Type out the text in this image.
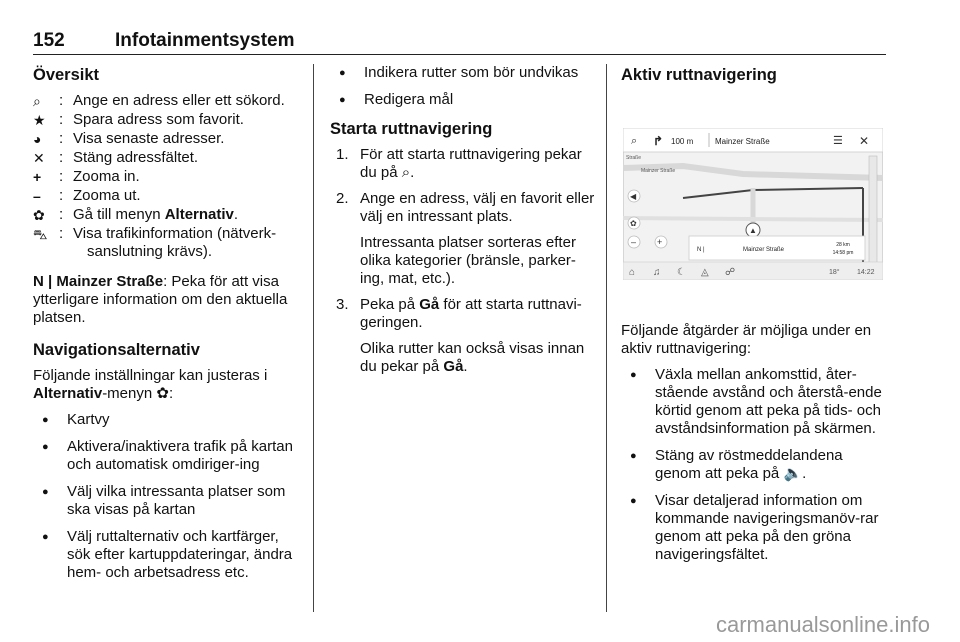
152	Infotainmentsystem
Översikt
⌕	: Ange en adress eller ett sökord.
★ : Spara adress som favorit.
◕	: Visa senaste adresser.
✕ : Stäng adressfältet.
+	: Zooma in.
–	: Zooma ut.
✿ : Gå till menyn Alternativ.
⛍ : Visa trafikinformation (nätverk-
sanslutning krävs).

N | Mainzer Straße: Peka för att visa ytterligare information om den aktuella platsen.

Navigationsalternativ

Följande inställningar kan justeras i Alternativ-menyn ✿:

● Kartvy
● Aktivera/inaktivera trafik på kartan och automatisk omdiriger-ing
● Välj vilka intressanta platser som ska visas på kartan
● Välj ruttalternativ och kartfärger, sök efter kartuppdateringar, ändra hem- och arbetsadress etc.
● Indikera rutter som bör undvikas
● Redigera mål
Starta ruttnavigering
1. För att starta ruttnavigering pekar du på ⌕.
2. Ange en adress, välj en favorit eller välj en intressant plats.
Intressanta platser sorteras efter olika kategorier (bränsle, parker-ing, mat, etc.).
3. Peka på Gå för att starta ruttnavi-geringen.
Olika rutter kan också visas innan du pekar på Gå.
Aktiv ruttnavigering
⌕ ↱ 100 m	Mainzer Straße	☰ ✕
Straße
Mainzer Straße
◀
✿
– +
▲
N |	Mainzer Straße
28 km
14:58 pm
⌂ ♫ ☾ ◬ ☍	18° 14:22

Följande åtgärder är möjliga under en aktiv ruttnavigering:

● Växla mellan ankomsttid, åter-stående avstånd och återstå-ende körtid genom att peka på tids- och avståndsinformation på skärmen.
● Stäng av röstmeddelandena genom att peka på 🔈.
● Visar detaljerad information om kommande navigeringsmanöv-rar genom att peka på den gröna navigeringsfältet.
carmanualsonline.info
